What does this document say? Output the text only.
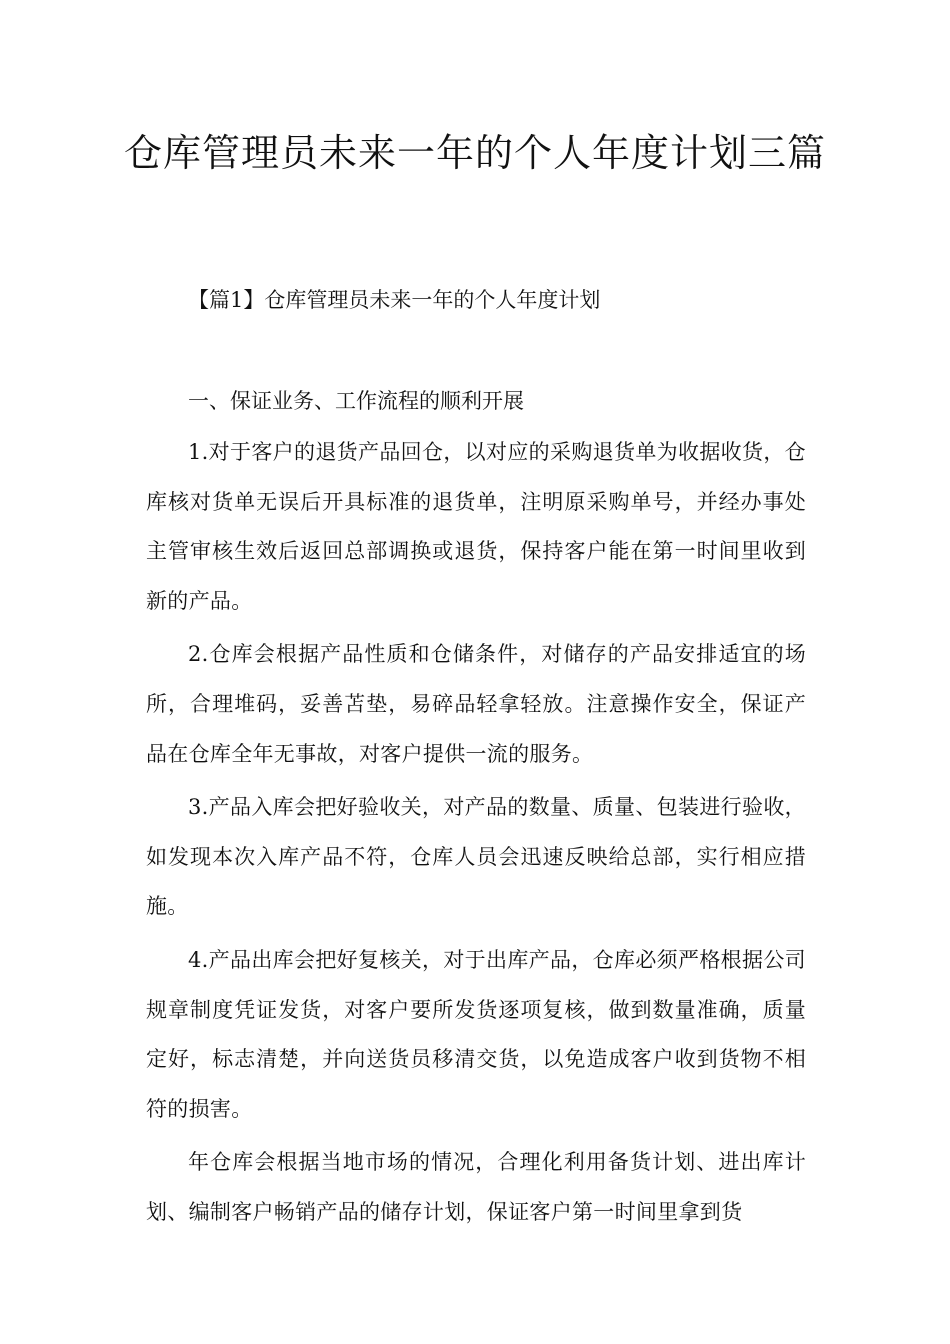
仓库管理员未来一年的个人年度计划三篇

【篇1】仓库管理员未来一年的个人年度计划

一、保证业务、工作流程的顺利开展

1.对于客户的退货产品回仓，以对应的采购退货单为收据收货，仓库核对货单无误后开具标准的退货单，注明原采购单号，并经办事处主管审核生效后返回总部调换或退货，保持客户能在第一时间里收到新的产品。

2.仓库会根据产品性质和仓储条件，对储存的产品安排适宜的场所，合理堆码，妥善苫垫，易碎品轻拿轻放。注意操作安全，保证产品在仓库全年无事故，对客户提供一流的服务。

3.产品入库会把好验收关，对产品的数量、质量、包装进行验收，如发现本次入库产品不符，仓库人员会迅速反映给总部，实行相应措施。

4.产品出库会把好复核关，对于出库产品，仓库必须严格根据公司规章制度凭证发货，对客户要所发货逐项复核，做到数量准确，质量定好，标志清楚，并向送货员移清交货，以免造成客户收到货物不相符的损害。

年仓库会根据当地市场的情况，合理化利用备货计划、进出库计划、编制客户畅销产品的储存计划，保证客户第一时间里拿到货
